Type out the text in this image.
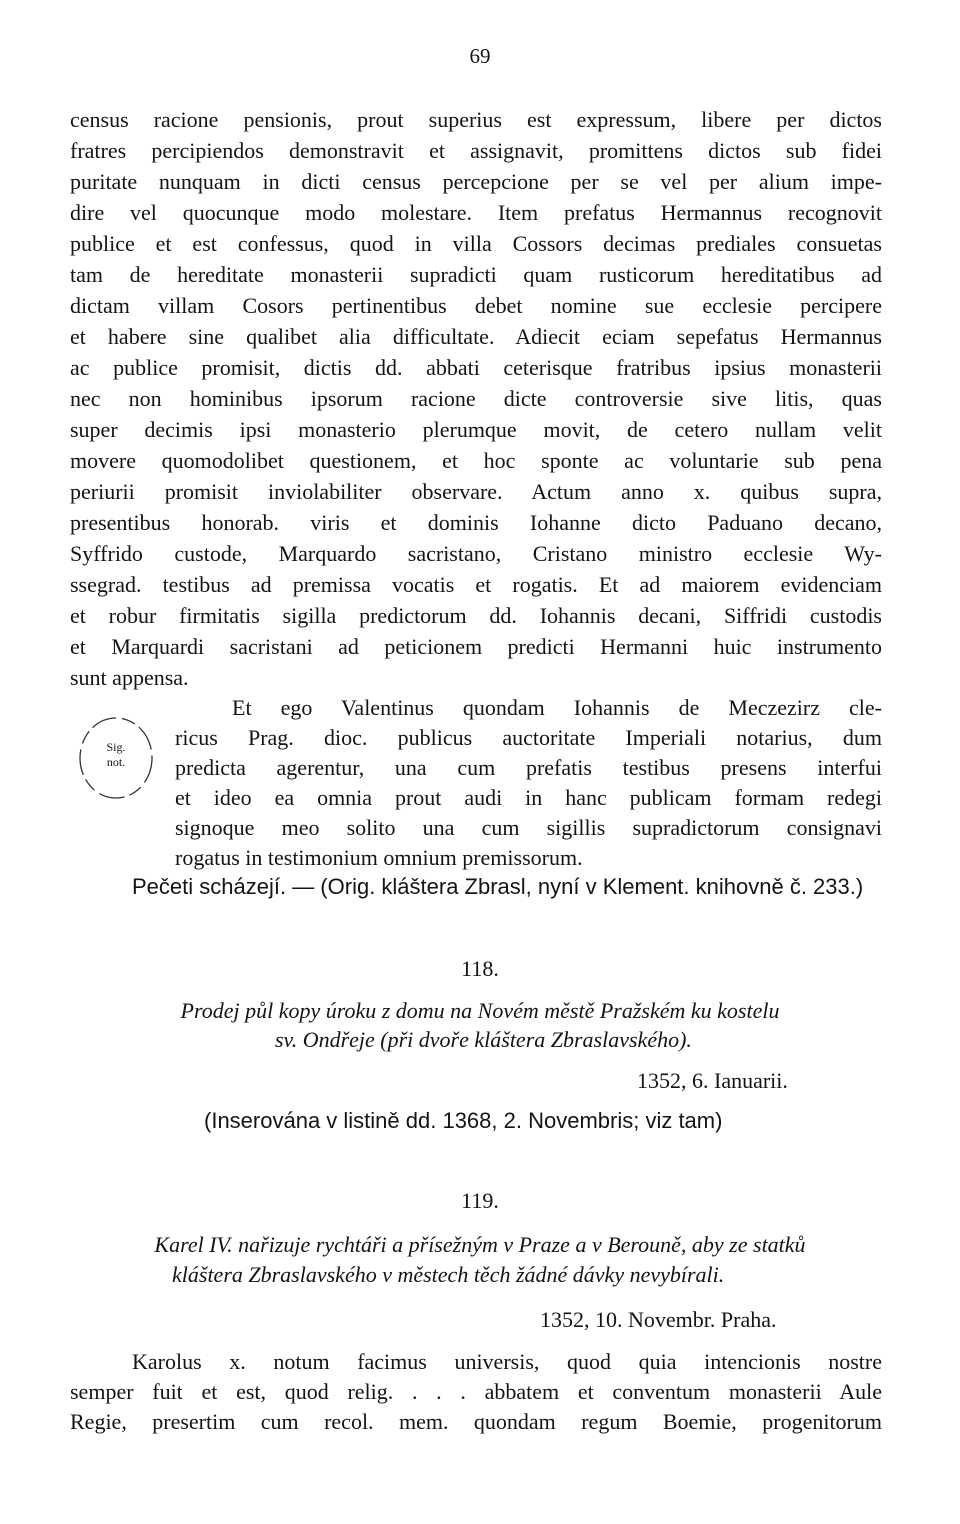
69
census racione pensionis, prout superius est expressum, libere per dictos
fratres percipiendos demonstravit et assignavit, promittens dictos sub fidei
puritate nunquam in dicti census percepcione per se vel per alium impe-
dire vel quocunque modo molestare. Item prefatus Hermannus recognovit
publice et est confessus, quod in villa Cossors decimas prediales consuetas
tam de hereditate monasterii supradicti quam rusticorum hereditatibus ad
dictam villam Cosors pertinentibus debet nomine sue ecclesie percipere
et habere sine qualibet alia difficultate. Adiecit eciam sepefatus Hermannus
ac publice promisit, dictis dd. abbati ceterisque fratribus ipsius monasterii
nec non hominibus ipsorum racione dicte controversie sive litis, quas
super decimis ipsi monasterio plerumque movit, de cetero nullam velit
movere quomodolibet questionem, et hoc sponte ac voluntarie sub pena
periurii promisit inviolabiliter observare. Actum anno x. quibus supra,
presentibus honorab. viris et dominis Iohanne dicto Paduano decano,
Syffrido custode, Marquardo sacristano, Cristano ministro ecclesie Wy-
ssegrad. testibus ad premissa vocatis et rogatis. Et ad maiorem evidenciam
et robur firmitatis sigilla predictorum dd. Iohannis decani, Siffridi custodis
et Marquardi sacristani ad peticionem predicti Hermanni huic instrumento
sunt appensa.
Et ego Valentinus quondam Iohannis de Meczezirz cle-
ricus Prag. dioc. publicus auctoritate Imperiali notarius, dum
predicta agerentur, una cum prefatis testibus presens interfui
et ideo ea omnia prout audi in hanc publicam formam redegi
signoque meo solito una cum sigillis supradictorum consignavi
rogatus in testimonium omnium premissorum.
Sig.
not.
Pečeti scházejí. — (Orig. kláštera Zbrasl, nyní v Klement. knihovně č. 233.)
118.
Prodej půl kopy úroku z domu na Novém městě Pražském ku kostelu
sv. Ondřeje (při dvoře kláštera Zbraslavského).
1352, 6. Ianuarii.
(Inserována v listině dd. 1368, 2. Novembris; viz tam)
119.
Karel IV. nařizuje rychtáři a přísežným v Praze a v Berouně, aby ze statků
kláštera Zbraslavského v městech těch žádné dávky nevybírali.
1352, 10. Novembr. Praha.
Karolus x. notum facimus universis, quod quia intencionis nostre
semper fuit et est, quod relig. . . . abbatem et conventum monasterii Aule
Regie, presertim cum recol. mem. quondam regum Boemie, progenitorum
